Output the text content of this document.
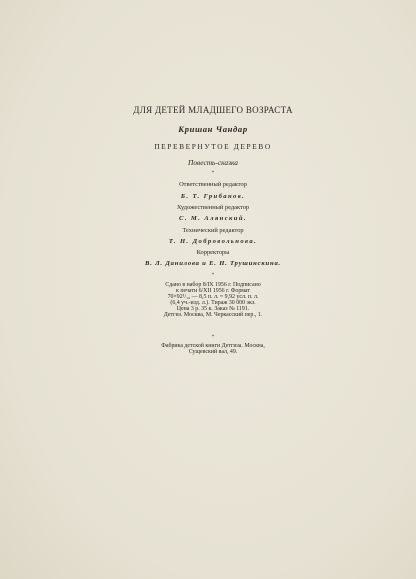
ДЛЯ ДЕТЕЙ МЛАДШЕГО ВОЗРАСТА
Кришан Чандар
ПЕРЕВЕРНУТОЕ ДЕРЕВО
Повесть-сказка
*
Ответственный редактор
Б. Т. Грибанов.
Художественный редактор
С. М. Алянский.
Технический редактор
Т. Н. Добровольнова.
Корректоры
В. Л. Данилова и Е. Н. Трушинскина.
*
Сдано в набор 8/IX 1956 г. Подписано
к печати 6/XII 1956 г. Формат
70×92¹/₁₆ — 8,5 п. л. = 9,92 усл. п. л.
(6,4 уч.-изд. л.). Тираж 30 000 экз.
Цена 3 р. 35 к. Заказ № 1191.
Детгиз. Москва, М. Черкасский пер., 1.
*
Фабрика детской книги Детгиза. Москва,
Сущевский вал, 49.
